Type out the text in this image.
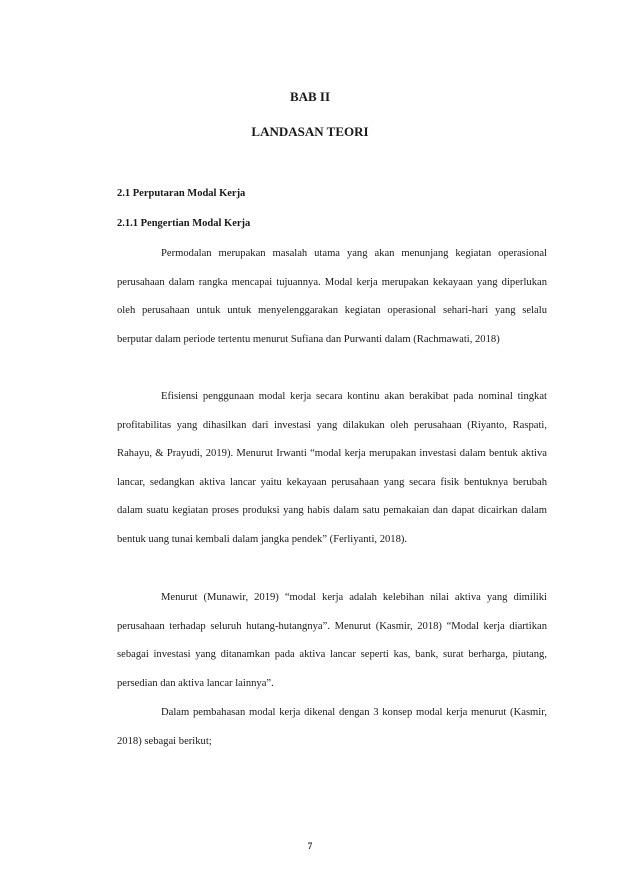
BAB II
LANDASAN TEORI
2.1 Perputaran Modal Kerja
2.1.1 Pengertian Modal Kerja

Permodalan merupakan masalah utama yang akan menunjang kegiatan operasional perusahaan dalam rangka mencapai tujuannya. Modal kerja merupakan kekayaan yang diperlukan oleh perusahaan untuk untuk menyelenggarakan kegiatan operasional sehari-hari yang selalu berputar dalam periode tertentu menurut Sufiana dan Purwanti dalam (Rachmawati, 2018)

Efisiensi penggunaan modal kerja secara kontinu akan berakibat pada nominal tingkat profitabilitas yang dihasilkan dari investasi yang dilakukan oleh perusahaan (Riyanto, Raspati, Rahayu, & Prayudi, 2019). Menurut Irwanti “modal kerja merupakan investasi dalam bentuk aktiva lancar, sedangkan aktiva lancar yaitu kekayaan perusahaan yang secara fisik bentuknya berubah dalam suatu kegiatan proses produksi yang habis dalam satu pemakaian dan dapat dicairkan dalam bentuk uang tunai kembali dalam jangka pendek” (Ferliyanti, 2018).

Menurut (Munawir, 2019) “modal kerja adalah kelebihan nilai aktiva yang dimiliki perusahaan terhadap seluruh hutang-hutangnya”. Menurut (Kasmir, 2018) “Modal kerja diartikan sebagai investasi yang ditanamkan pada aktiva lancar seperti kas, bank, surat berharga, piutang, persedian dan aktiva lancar lainnya”.

Dalam pembahasan modal kerja dikenal dengan 3 konsep modal kerja menurut (Kasmir, 2018) sebagai berikut;

7
